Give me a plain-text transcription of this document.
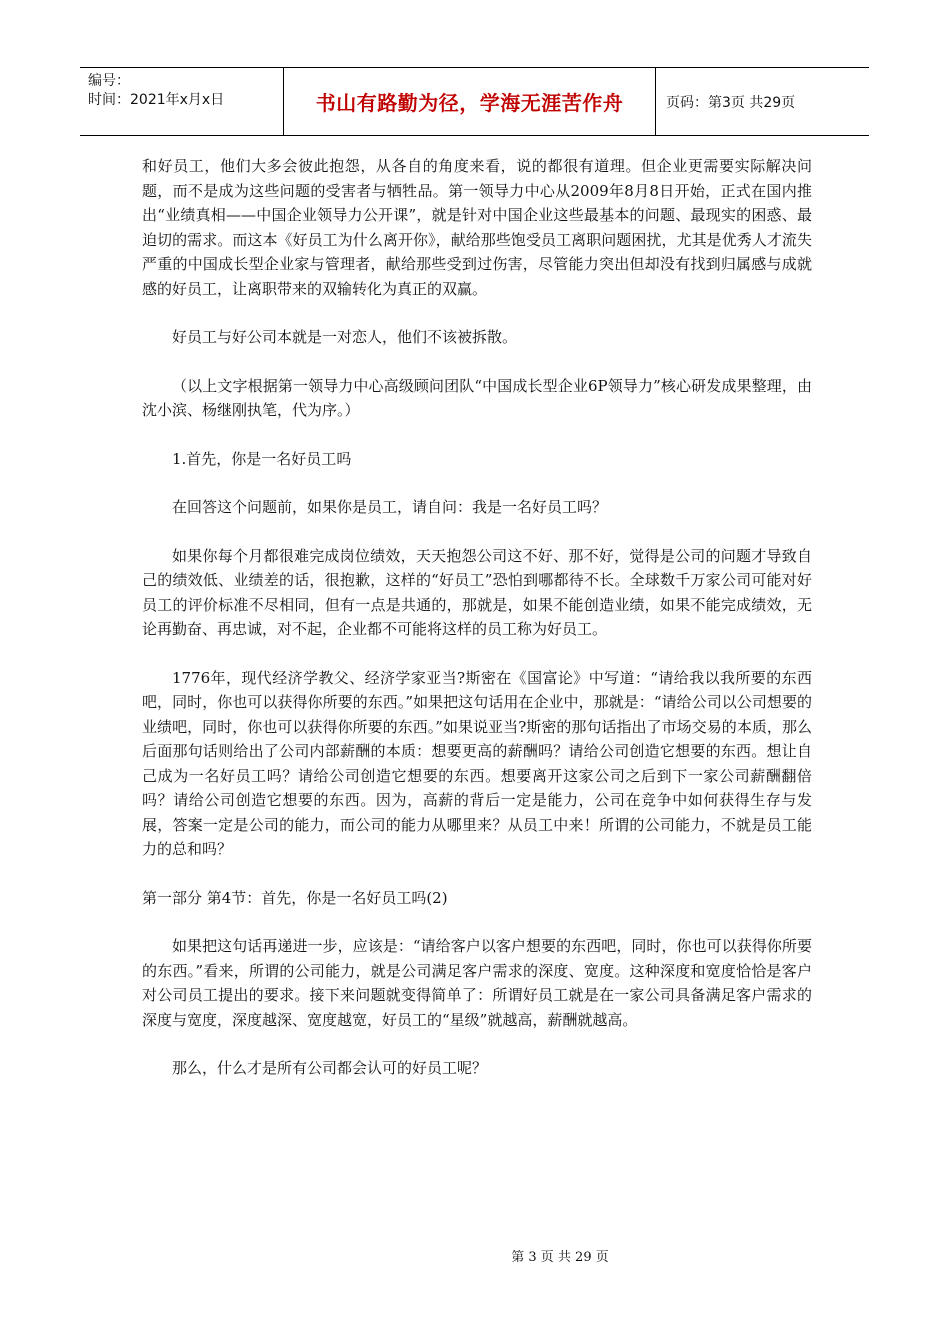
编号：
时间：2021年x月x日	书山有路勤为径，学海无涯苦作舟	页码：第3页 共29页

和好员工，他们大多会彼此抱怨，从各自的角度来看，说的都很有道理。但企业更需要实际解决问题，而不是成为这些问题的受害者与牺牲品。第一领导力中心从2009年8月8日开始，正式在国内推出“业绩真相——中国企业领导力公开课”，就是针对中国企业这些最基本的问题、最现实的困惑、最迫切的需求。而这本《好员工为什么离开你》，献给那些饱受员工离职问题困扰，尤其是优秀人才流失严重的中国成长型企业家与管理者，献给那些受到过伤害，尽管能力突出但却没有找到归属感与成就感的好员工，让离职带来的双输转化为真正的双赢。

好员工与好公司本就是一对恋人，他们不该被拆散。

（以上文字根据第一领导力中心高级顾问团队“中国成长型企业6P领导力”核心研发成果整理，由沈小滨、杨继刚执笔，代为序。）

1.首先，你是一名好员工吗

在回答这个问题前，如果你是员工，请自问：我是一名好员工吗？

如果你每个月都很难完成岗位绩效，天天抱怨公司这不好、那不好，觉得是公司的问题才导致自己的绩效低、业绩差的话，很抱歉，这样的“好员工”恐怕到哪都待不长。全球数千万家公司可能对好员工的评价标准不尽相同，但有一点是共通的，那就是，如果不能创造业绩，如果不能完成绩效，无论再勤奋、再忠诚，对不起，企业都不可能将这样的员工称为好员工。

1776年，现代经济学教父、经济学家亚当?斯密在《国富论》中写道：“请给我以我所要的东西吧，同时，你也可以获得你所要的东西。”如果把这句话用在企业中，那就是：“请给公司以公司想要的业绩吧，同时，你也可以获得你所要的东西。”如果说亚当?斯密的那句话指出了市场交易的本质，那么后面那句话则给出了公司内部薪酬的本质：想要更高的薪酬吗？请给公司创造它想要的东西。想让自己成为一名好员工吗？请给公司创造它想要的东西。想要离开这家公司之后到下一家公司薪酬翻倍吗？请给公司创造它想要的东西。因为，高薪的背后一定是能力，公司在竞争中如何获得生存与发展，答案一定是公司的能力，而公司的能力从哪里来？从员工中来！所谓的公司能力，不就是员工能力的总和吗？

第一部分 第4节：首先，你是一名好员工吗(2)

如果把这句话再递进一步，应该是：“请给客户以客户想要的东西吧，同时，你也可以获得你所要的东西。”看来，所谓的公司能力，就是公司满足客户需求的深度、宽度。这种深度和宽度恰恰是客户对公司员工提出的要求。接下来问题就变得简单了：所谓好员工就是在一家公司具备满足客户需求的深度与宽度，深度越深、宽度越宽，好员工的“星级”就越高，薪酬就越高。

那么，什么才是所有公司都会认可的好员工呢？

第 3 页 共 29 页
